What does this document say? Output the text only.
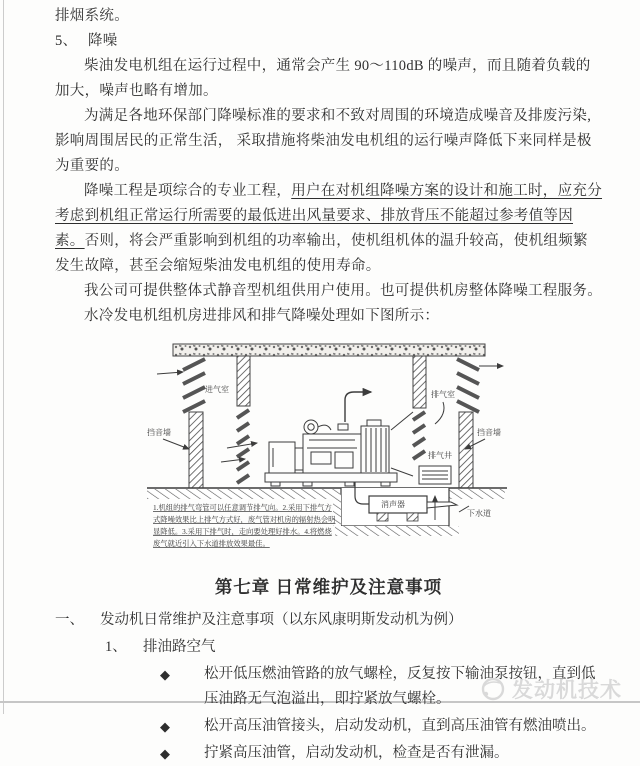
排烟系统。

5、 降噪

柴油发电机组在运行过程中，通常会产生 90～110dB 的噪声，而且随着负载的加大，噪声也略有增加。

为满足各地环保部门降噪标准的要求和不致对周围的环境造成噪音及排废污染,影响周围居民的正常生活， 采取措施将柴油发电机组的运行噪声降低下来同样是极为重要的。

降噪工程是项综合的专业工程，用户在对机组降噪方案的设计和施工时，应充分考虑到机组正常运行所需要的最低进出风量要求、排放背压不能超过参考值等因素。否则，将会严重影响到机组的功率输出，使机组机体的温升较高，使机组频繁发生故障，甚至会缩短柴油发电机组的使用寿命。

我公司可提供整体式静音型机组供用户使用。也可提供机房整体降噪工程服务。

水冷发电机组机房进排风和排气降噪处理如下图所示：

进气室
挡音墙
排气室
挡音墙
排气井
消声器
下水道
1.机组的排气弯管可以任意调节排气向。2.采用下排气方
式降噪效果比上排气方式好，废气管对机房的辐射热会明
显降低。3.采用下排气时，走向要处理好排水。4.将燃烧
废气就近引入下水道排放效果最佳。
第七章 日常维护及注意事项
一、	发动机日常维护及注意事项（以东风康明斯发动机为例）
1、	排油路空气
◆	松开低压燃油管路的放气螺栓，反复按下输油泵按钮，直到低压油路无气泡溢出，即拧紧放气螺栓。
◆	松开高压油管接头，启动发动机，直到高压油管有燃油喷出。
◆	拧紧高压油管，启动发动机，检查是否有泄漏。
发动机技术
